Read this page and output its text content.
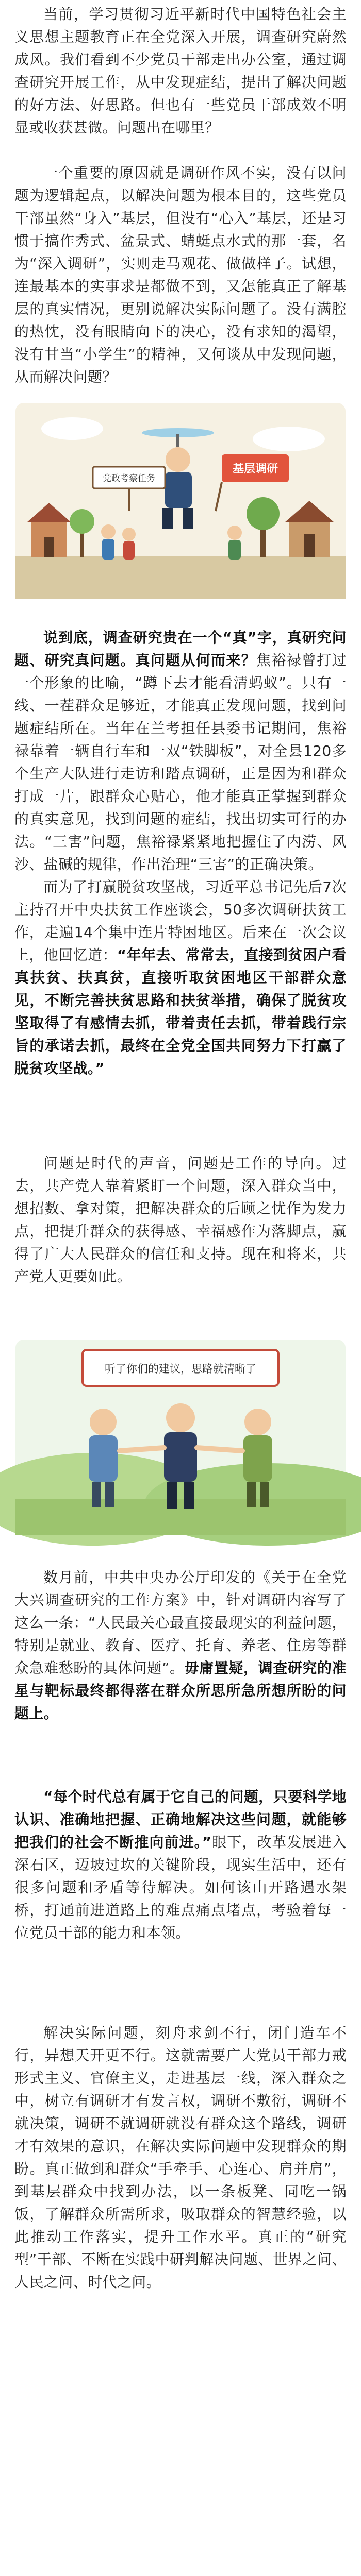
当前，学习贯彻习近平新时代中国特色社会主义思想主题教育正在全党深入开展，调查研究蔚然成风。我们看到不少党员干部走出办公室，通过调查研究开展工作，从中发现症结，提出了解决问题的好方法、好思路。但也有一些党员干部成效不明显或收获甚微。问题出在哪里？

一个重要的原因就是调研作风不实，没有以问题为逻辑起点，以解决问题为根本目的，这些党员干部虽然“身入”基层，但没有“心入”基层，还是习惯于搞作秀式、盆景式、蜻蜓点水式的那一套，名为“深入调研”，实则走马观花、做做样子。试想，连最基本的实事求是都做不到，又怎能真正了解基层的真实情况，更别说解决实际问题了。没有满腔的热忱，没有眼睛向下的决心，没有求知的渴望，没有甘当“小学生”的精神，又何谈从中发现问题，从而解决问题？

党政考察任务
基层调研

说到底，调查研究贵在一个“真”字，真研究问题、研究真问题。真问题从何而来？焦裕禄曾打过一个形象的比喻，“蹲下去才能看清蚂蚁”。只有一线、一茬群众足够近，才能真正发现问题，找到问题症结所在。当年在兰考担任县委书记期间，焦裕禄靠着一辆自行车和一双“铁脚板”，对全县120多个生产大队进行走访和踏点调研，正是因为和群众打成一片，跟群众心贴心，他才能真正掌握到群众的真实意见，找到问题的症结，找出切实可行的办法。“三害”问题，焦裕禄紧紧地把握住了内涝、风沙、盐碱的规律，作出治理“三害”的正确决策。

而为了打赢脱贫攻坚战，习近平总书记先后7次主持召开中央扶贫工作座谈会，50多次调研扶贫工作，走遍14个集中连片特困地区。后来在一次会议上，他回忆道：“年年去、常常去，直接到贫困户看真扶贫、扶真贫，直接听取贫困地区干部群众意见，不断完善扶贫思路和扶贫举措，确保了脱贫攻坚取得了有感情去抓，带着责任去抓，带着践行宗旨的承诺去抓，最终在全党全国共同努力下打赢了脱贫攻坚战。”

问题是时代的声音，问题是工作的导向。过去，共产党人靠着紧盯一个问题，深入群众当中，想招数、拿对策，把解决群众的后顾之忧作为发力点，把提升群众的获得感、幸福感作为落脚点，赢得了广大人民群众的信任和支持。现在和将来，共产党人更要如此。

听了你们的建议，思路就清晰了

数月前，中共中央办公厅印发的《关于在全党大兴调查研究的工作方案》中，针对调研内容写了这么一条：“人民最关心最直接最现实的利益问题，特别是就业、教育、医疗、托育、养老、住房等群众急难愁盼的具体问题”。毋庸置疑，调查研究的准星与靶标最终都得落在群众所思所急所想所盼的问题上。

“每个时代总有属于它自己的问题，只要科学地认识、准确地把握、正确地解决这些问题，就能够把我们的社会不断推向前进。”眼下，改革发展进入深石区，迈坡过坎的关键阶段，现实生活中，还有很多问题和矛盾等待解决。如何该山开路遇水架桥，打通前进道路上的难点痛点堵点，考验着每一位党员干部的能力和本领。

解决实际问题，刻舟求剑不行，闭门造车不行，异想天开更不行。这就需要广大党员干部力戒形式主义、官僚主义，走进基层一线，深入群众之中，树立有调研才有发言权，调研不敷衍，调研不就决策，调研不就调研就没有群众这个路线，调研才有效果的意识，在解决实际问题中发现群众的期盼。真正做到和群众“手牵手、心连心、肩并肩”，到基层群众中找到办法，以一条板凳、同吃一锅饭，了解群众所需所求，吸取群众的智慧经验，以此推动工作落实，提升工作水平。真正的“研究型”干部、不断在实践中研判解决问题、世界之问、人民之问、时代之问。
